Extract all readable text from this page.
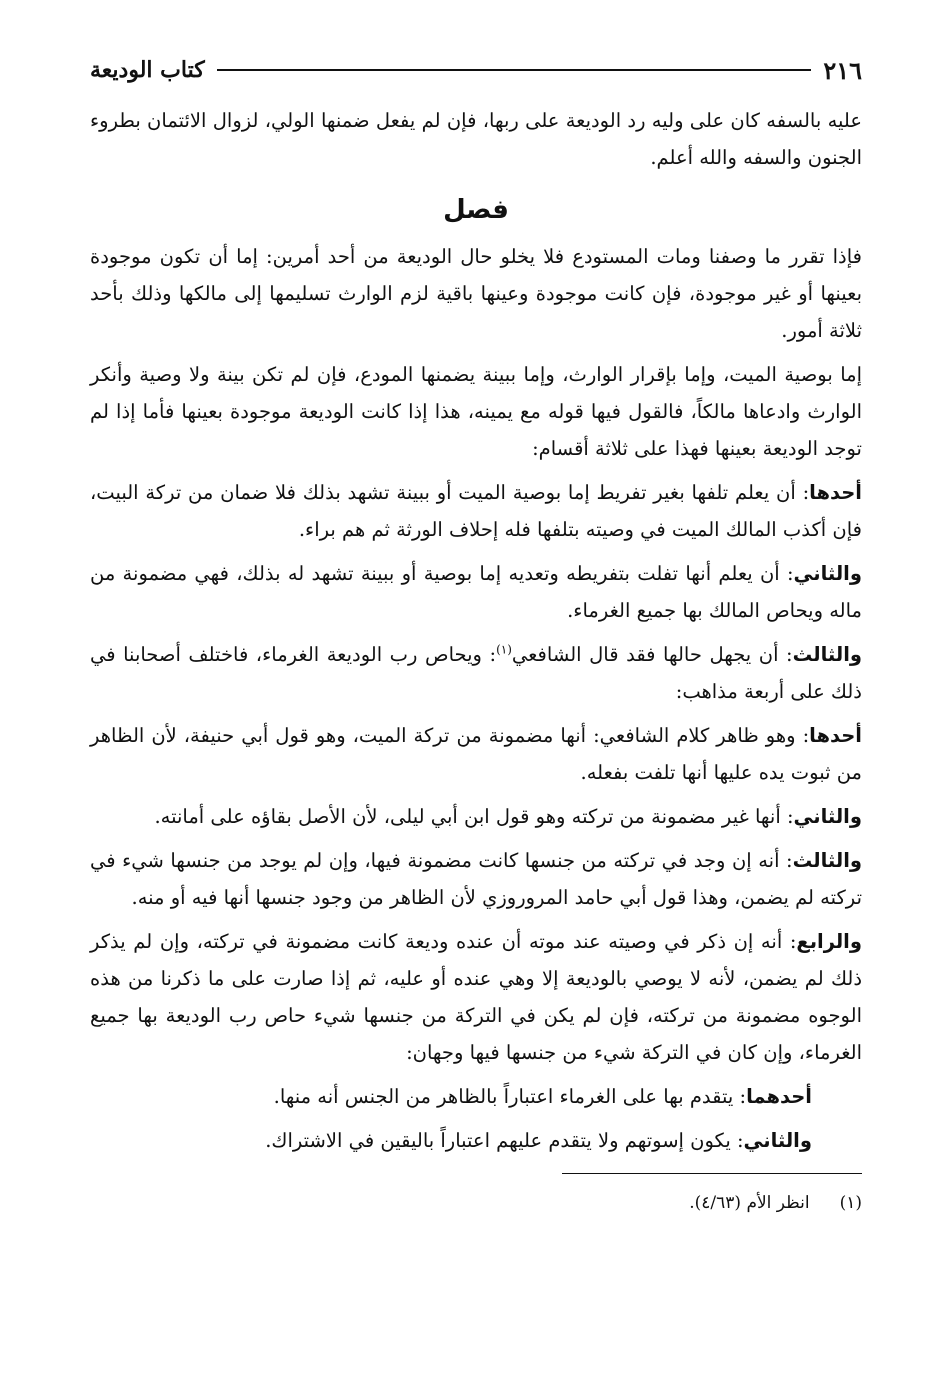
٢١٦
كتاب الوديعة

عليه بالسفه كان على وليه رد الوديعة على ربها، فإن لم يفعل ضمنها الولي، لزوال الائتمان بطروء الجنون والسفه والله أعلم.

فصل

فإذا تقرر ما وصفنا ومات المستودع فلا يخلو حال الوديعة من أحد أمرين: إما أن تكون موجودة بعينها أو غير موجودة، فإن كانت موجودة وعينها باقية لزم الوارث تسليمها إلى مالكها وذلك بأحد ثلاثة أمور.

إما بوصية الميت، وإما بإقرار الوارث، وإما ببينة يضمنها المودع، فإن لم تكن بينة ولا وصية وأنكر الوارث وادعاها مالكاً، فالقول فيها قوله مع يمينه، هذا إذا كانت الوديعة موجودة بعينها فأما إذا لم توجد الوديعة بعينها فهذا على ثلاثة أقسام:

أحدها: أن يعلم تلفها بغير تفريط إما بوصية الميت أو ببينة تشهد بذلك فلا ضمان من تركة البيت، فإن أكذب المالك الميت في وصيته بتلفها فله إحلاف الورثة ثم هم براء.

والثاني: أن يعلم أنها تفلت بتفريطه وتعديه إما بوصية أو ببينة تشهد له بذلك، فهي مضمونة من ماله ويحاص المالك بها جميع الغرماء.

والثالث: أن يجهل حالها فقد قال الشافعي$^{(١)}$: ويحاص رب الوديعة الغرماء، فاختلف أصحابنا في ذلك على أربعة مذاهب:

أحدها: وهو ظاهر كلام الشافعي: أنها مضمونة من تركة الميت، وهو قول أبي حنيفة، لأن الظاهر من ثبوت يده عليها أنها تلفت بفعله.

والثاني: أنها غير مضمونة من تركته وهو قول ابن أبي ليلى، لأن الأصل بقاؤه على أمانته.

والثالث: أنه إن وجد في تركته من جنسها كانت مضمونة فيها، وإن لم يوجد من جنسها شيء في تركته لم يضمن، وهذا قول أبي حامد المروروزي لأن الظاهر من وجود جنسها أنها فيه أو منه.

والرابع: أنه إن ذكر في وصيته عند موته أن عنده وديعة كانت مضمونة في تركته، وإن لم يذكر ذلك لم يضمن، لأنه لا يوصي بالوديعة إلا وهي عنده أو عليه، ثم إذا صارت على ما ذكرنا من هذه الوجوه مضمونة من تركته، فإن لم يكن في التركة من جنسها شيء حاص رب الوديعة بها جميع الغرماء، وإن كان في التركة شيء من جنسها فيها وجهان:

أحدهما: يتقدم بها على الغرماء اعتباراً بالظاهر من الجنس أنه منها.

والثاني: يكون إسوتهم ولا يتقدم عليهم اعتباراً باليقين في الاشتراك.

(١)
انظر الأم (٤/٦٣).
